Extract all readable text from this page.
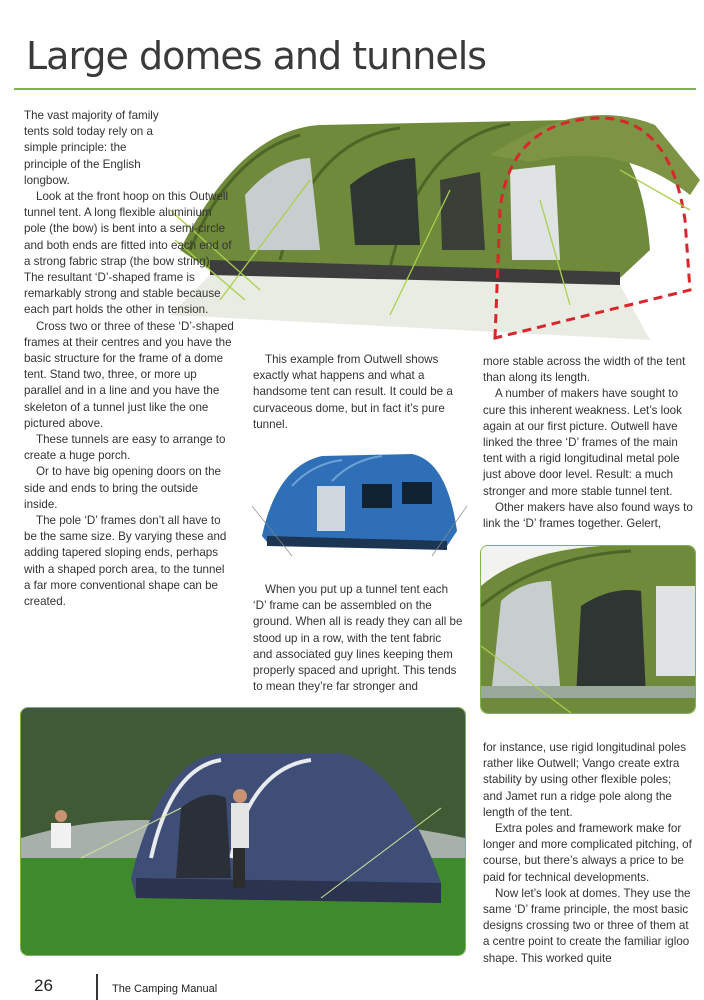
Large domes and tunnels

The vast majority of family tents sold today rely on a simple principle: the principle of the English longbow.

Look at the front hoop on this Outwell tunnel tent. A long flexible aluminium pole (the bow) is bent into a semi-circle and both ends are fitted into each end of a strong fabric strap (the bow string). The resultant ‘D’-shaped frame is remarkably strong and stable because each part holds the other in tension.

Cross two or three of these ‘D’-shaped frames at their centres and you have the basic structure for the frame of a dome tent. Stand two, three, or more up parallel and in a line and you have the skeleton of a tunnel just like the one pictured above.

These tunnels are easy to arrange to create a huge porch.

Or to have big opening doors on the side and ends to bring the outside inside.

The pole ‘D’ frames don’t all have to be the same size. By varying these and adding tapered sloping ends, perhaps with a shaped porch area, to the tunnel a far more conventional shape can be created.

This example from Outwell shows exactly what happens and what a handsome tent can result. It could be a curvaceous dome, but in fact it’s pure tunnel.

When you put up a tunnel tent each ‘D’ frame can be assembled on the ground. When all is ready they can all be stood up in a row, with the tent fabric and associated guy lines keeping them properly spaced and upright. This tends to mean they’re far stronger and

more stable across the width of the tent than along its length.

A number of makers have sought to cure this inherent weakness. Let’s look again at our first picture. Outwell have linked the three ‘D’ frames of the main tent with a rigid longitudinal metal pole just above door level. Result: a much stronger and more stable tunnel tent.

Other makers have also found ways to link the ‘D’ frames together. Gelert,

for instance, use rigid longitudinal poles rather like Outwell; Vango create extra stability by using other flexible poles; and Jamet run a ridge pole along the length of the tent.

Extra poles and framework make for longer and more complicated pitching, of course, but there’s always a price to be paid for technical developments.

Now let’s look at domes. They use the same ‘D’ frame principle, the most basic designs crossing two or three of them at a centre point to create the familiar igloo shape. This worked quite

26	The Camping Manual
